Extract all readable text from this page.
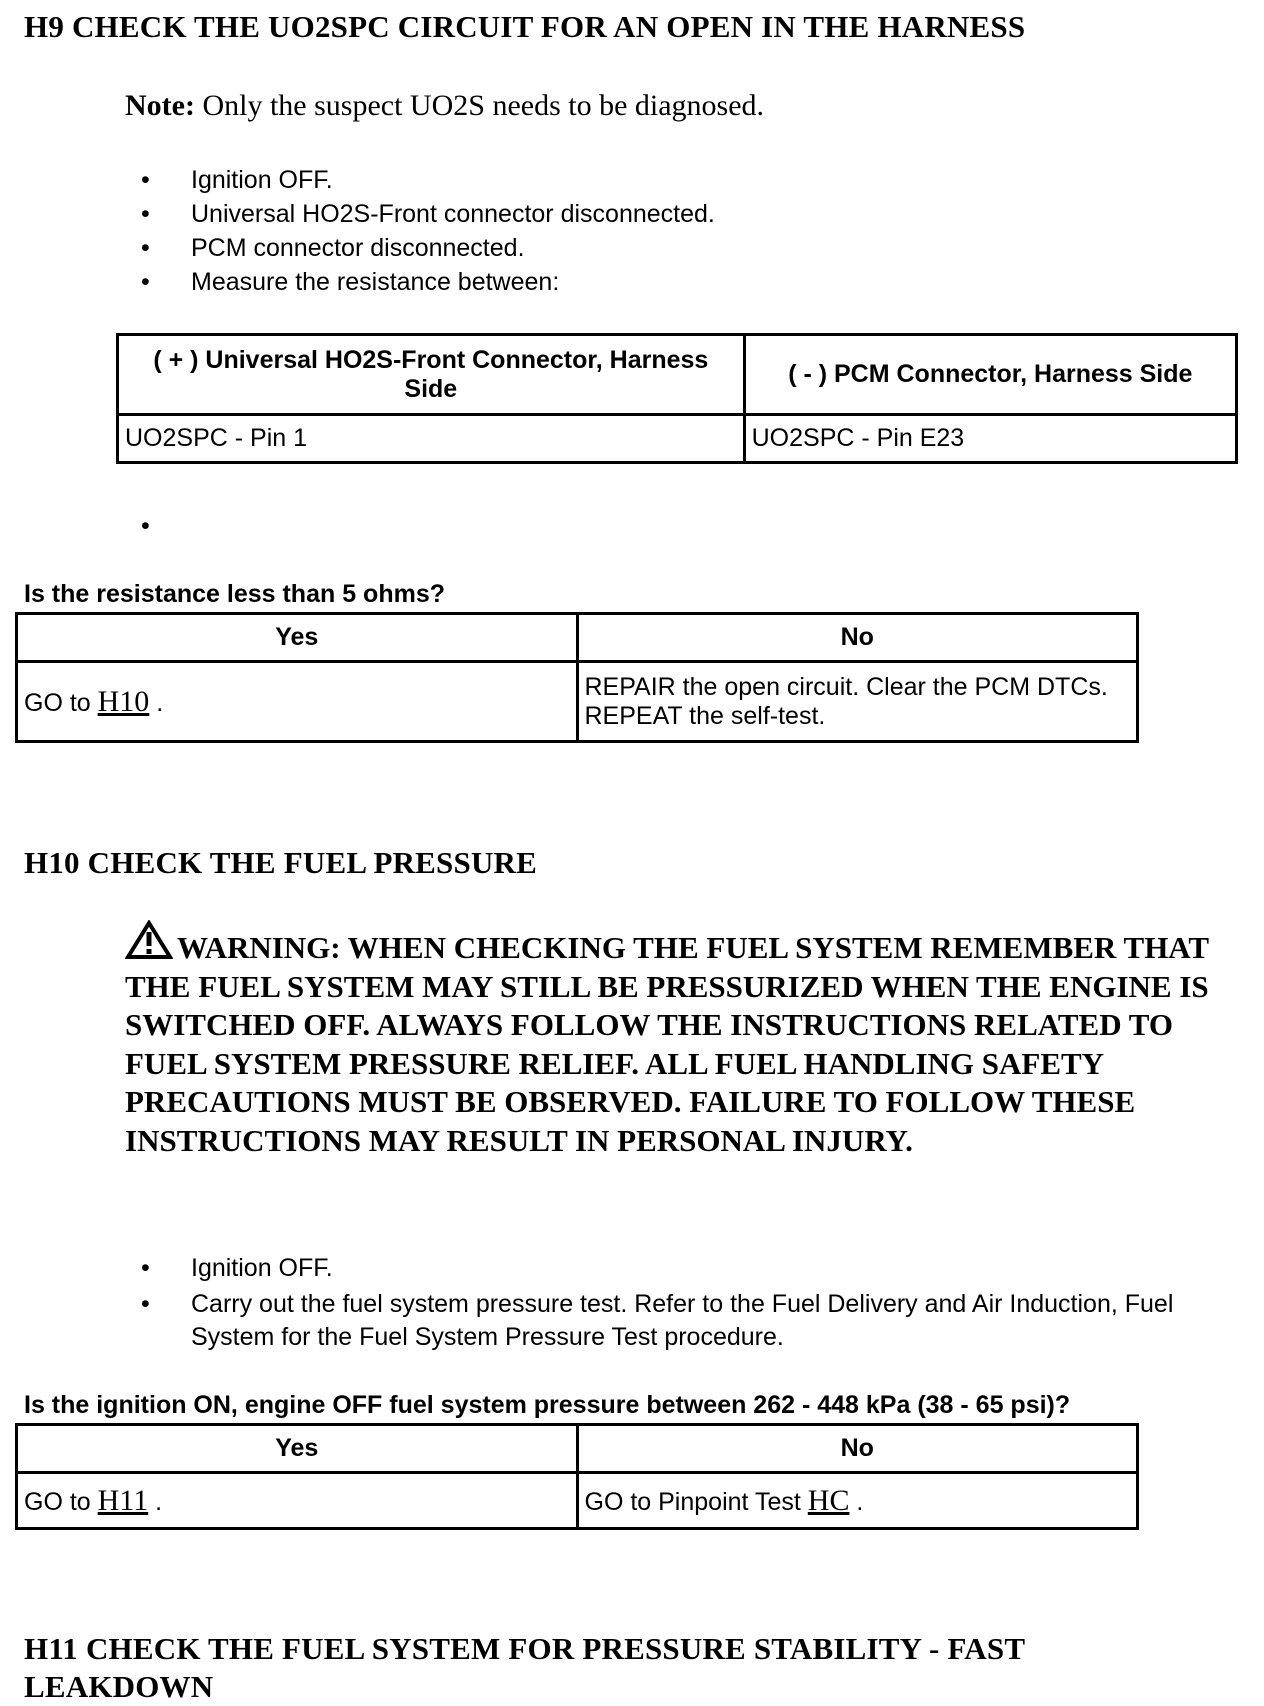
H9 CHECK THE UO2SPC CIRCUIT FOR AN OPEN IN THE HARNESS
Note: Only the suspect UO2S needs to be diagnosed.
• Ignition OFF.
• Universal HO2S-Front connector disconnected.
• PCM connector disconnected.
• Measure the resistance between:
( + ) Universal HO2S-Front Connector, Harness Side	( - ) PCM Connector, Harness Side
UO2SPC - Pin 1	UO2SPC - Pin E23
•
Is the resistance less than 5 ohms?
Yes	No
GO to H10 .	REPAIR the open circuit. Clear the PCM DTCs. REPEAT the self-test.
H10 CHECK THE FUEL PRESSURE
WARNING: WHEN CHECKING THE FUEL SYSTEM REMEMBER THAT THE FUEL SYSTEM MAY STILL BE PRESSURIZED WHEN THE ENGINE IS SWITCHED OFF. ALWAYS FOLLOW THE INSTRUCTIONS RELATED TO FUEL SYSTEM PRESSURE RELIEF. ALL FUEL HANDLING SAFETY PRECAUTIONS MUST BE OBSERVED. FAILURE TO FOLLOW THESE INSTRUCTIONS MAY RESULT IN PERSONAL INJURY.
• Ignition OFF.
• Carry out the fuel system pressure test. Refer to the Fuel Delivery and Air Induction, Fuel System for the Fuel System Pressure Test procedure.
Is the ignition ON, engine OFF fuel system pressure between 262 - 448 kPa (38 - 65 psi)?
Yes	No
GO to H11 .	GO to Pinpoint Test HC .
H11 CHECK THE FUEL SYSTEM FOR PRESSURE STABILITY - FAST LEAKDOWN
